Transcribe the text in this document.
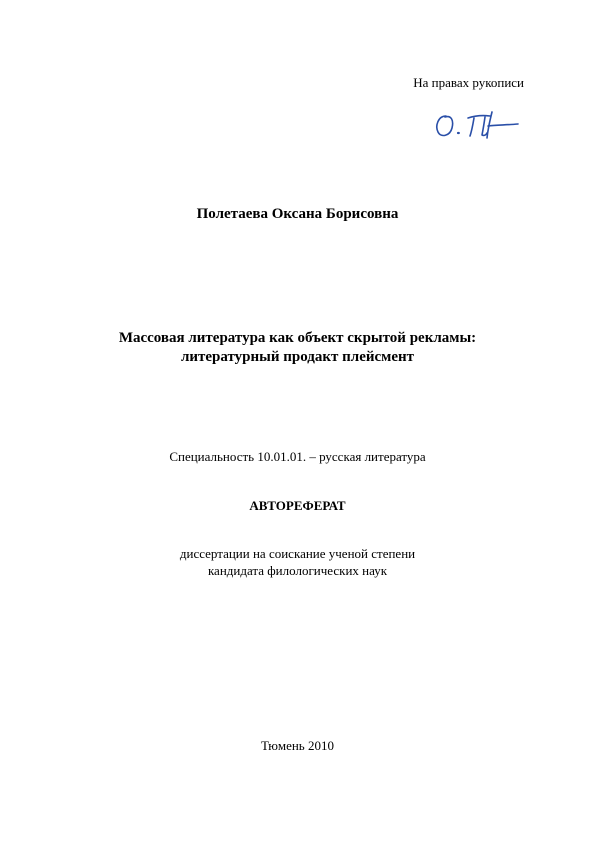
На правах рукописи
Полетаева Оксана Борисовна
Массовая литература как объект скрытой рекламы:
литературный продакт плейсмент
Специальность 10.01.01. – русская литература
АВТОРЕФЕРАТ
диссертации на соискание ученой степени
кандидата филологических наук
Тюмень 2010
